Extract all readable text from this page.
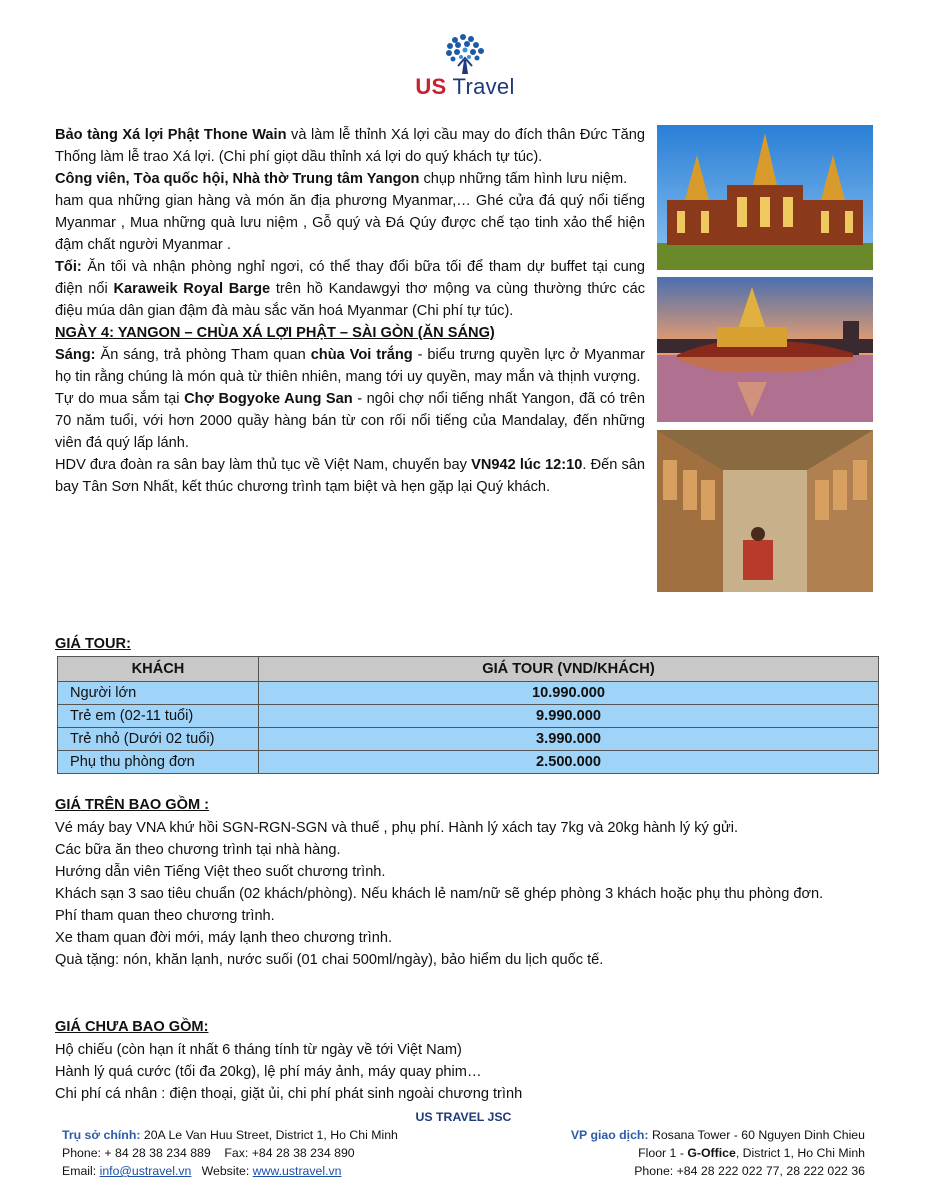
US Travel

Bảo tàng Xá lợi Phật Thone Wain và làm lễ thỉnh Xá lợi cầu may do đích thân Đức Tăng Thống làm lễ trao Xá lợi. (Chi phí giọt dầu thỉnh xá lợi do quý khách tự túc).

Công viên, Tòa quốc hội, Nhà thờ Trung tâm Yangon chụp những tấm hình lưu niệm.

ham qua những gian hàng và món ăn địa phương Myanmar,… Ghé cửa đá quý nổi tiếng Myanmar , Mua những quà lưu niệm , Gỗ quý và Đá Qúy được chế tạo tinh xảo thể hiện đậm chất người Myanmar .

Tối: Ăn tối và nhận phòng nghỉ ngơi, có thể thay đổi bữa tối để tham dự buffet tại cung điện nổi Karaweik Royal Barge trên hồ Kandawgyi thơ mộng va cùng thường thức các điệu múa dân gian đậm đà màu sắc văn hoá Myanmar (Chi phí tự túc).

NGÀY 4: YANGON – CHÙA XÁ LỢI PHẬT – SÀI GÒN (ĂN SÁNG)

Sáng: Ăn sáng, trả phòng Tham quan chùa Voi trắng - biểu trưng quyền lực ở Myanmar họ tin rằng chúng là món quà từ thiên nhiên, mang tới uy quyền, may mắn và thịnh vượng.

Tự do mua sắm tại Chợ Bogyoke Aung San - ngôi chợ nổi tiếng nhất Yangon, đã có trên 70 năm tuổi, với hơn 2000 quầy hàng bán từ con rối nổi tiếng của Mandalay, đến những viên đá quý lấp lánh.

HDV đưa đoàn ra sân bay làm thủ tục về Việt Nam, chuyến bay VN942 lúc 12:10. Đến sân bay Tân Sơn Nhất, kết thúc chương trình tạm biệt và hẹn gặp lại Quý khách.

GIÁ TOUR:
KHÁCH	GIÁ TOUR (VND/KHÁCH)
Người lớn	10.990.000
Trẻ em (02-11 tuổi)	9.990.000
Trẻ nhỏ (Dưới 02 tuổi)	3.990.000
Phụ thu phòng đơn	2.500.000
GIÁ TRÊN BAO GỒM :

Vé máy bay VNA khứ hồi SGN-RGN-SGN và thuế , phụ phí. Hành lý xách tay 7kg và 20kg hành lý ký gửi.

Các bữa ăn theo chương trình tại nhà hàng.

Hướng dẫn viên Tiếng Việt theo suốt chương trình.

Khách sạn 3 sao tiêu chuẩn (02 khách/phòng). Nếu khách lẻ nam/nữ sẽ ghép phòng 3 khách hoặc phụ thu phòng đơn.

Phí tham quan theo chương trình.

Xe tham quan đời mới, máy lạnh theo chương trình.

Quà tặng: nón, khăn lạnh, nước suối (01 chai 500ml/ngày), bảo hiểm du lịch quốc tế.

GIÁ CHƯA BAO GỒM:

Hộ chiếu (còn hạn ít nhất 6 tháng tính từ ngày về tới Việt Nam)

Hành lý quá cước (tối đa 20kg), lệ phí máy ảnh, máy quay phim…

Chi phí cá nhân : điện thoại, giặt ủi, chi phí phát sinh ngoài chương trình

US TRAVEL JSC
Trụ sở chính: 20A Le Van Huu Street, District 1, Ho Chi Minh
Phone: + 84 28 38 234 889    Fax: +84 28 38 234 890
Email: info@ustravel.vn   Website: www.ustravel.vn
VP giao dịch: Rosana Tower - 60 Nguyen Dinh Chieu
Floor 1 - G-Office, District 1, Ho Chi Minh
Phone: +84 28 222 022 77, 28 222 022 36
